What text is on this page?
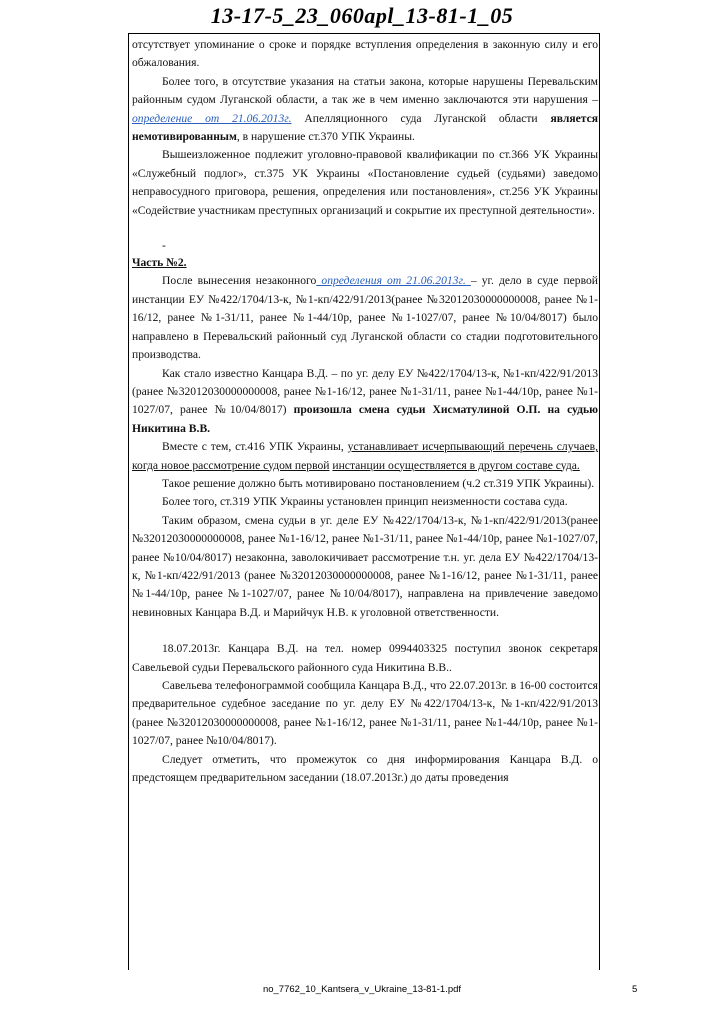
13-17-5_23_060apl_13-81-1_05

отсутствует упоминание о сроке и порядке вступления определения в законную силу и его обжалования.

Более того, в отсутствие указания на статьи закона, которые нарушены Перевальским районным судом Луганской области, а так же в чем именно заключаются эти нарушения –определение от 21.06.2013г. Апелляционного суда Луганской области является немотивированным, в нарушение ст.370 УПК Украины.

Вышеизложенное подлежит уголовно-правовой квалификации по ст.366 УК Украины «Служебный подлог», ст.375 УК Украины «Постановление судьей (судьями) заведомо неправосудного приговора, решения, определения или постановления», ст.256 УК Украины «Содействие участникам преступных организаций и сокрытие их преступной деятельности».

-

Часть №2.

После вынесения незаконного определения от 21.06.2013г. – уг. дело в суде первой инстанции ЕУ №422/1704/13-к, №1-кп/422/91/2013(ранее №32012030000000008, ранее №1-16/12, ранее №1-31/11, ранее №1-44/10р, ранее №1-1027/07, ранее №10/04/8017) было направлено в Перевальский районный суд Луганской области со стадии подготовительного производства.

Как стало известно Канцара В.Д. – по уг. делу ЕУ №422/1704/13-к, №1-кп/422/91/2013 (ранее №32012030000000008, ранее №1-16/12, ранее №1-31/11, ранее №1-44/10р, ранее №1-1027/07, ранее №10/04/8017) произошла смена судьи Хисматулиной О.П. на судью Никитина В.В.

Вместе с тем, ст.416 УПК Украины, устанавливает исчерпывающий перечень случаев, когда новое рассмотрение судом первой инстанции осуществляется в другом составе суда.

Такое решение должно быть мотивировано постановлением (ч.2 ст.319 УПК Украины).

Более того, ст.319 УПК Украины установлен принцип неизменности состава суда.

Таким образом, смена судьи в уг. деле ЕУ №422/1704/13-к, №1-кп/422/91/2013(ранее №32012030000000008, ранее №1-16/12, ранее №1-31/11, ранее №1-44/10р, ранее №1-1027/07, ранее №10/04/8017) незаконна, заволокичивает рассмотрение т.н. уг. дела ЕУ №422/1704/13-к, №1-кп/422/91/2013 (ранее №32012030000000008, ранее №1-16/12, ранее №1-31/11, ранее №1-44/10р, ранее №1-1027/07, ранее №10/04/8017), направлена на привлечение заведомо невиновных Канцара В.Д. и Марийчук Н.В. к уголовной ответственности.

18.07.2013г. Канцара В.Д. на тел. номер 0994403325 поступил звонок секретаря Савельевой судьи Перевальского районного суда Никитина В.В..

Савельева телефонограммой сообщила Канцара В.Д., что 22.07.2013г. в 16-00 состоится предварительное судебное заседание по уг. делу ЕУ №422/1704/13-к, №1-кп/422/91/2013 (ранее №32012030000000008, ранее №1-16/12, ранее №1-31/11, ранее №1-44/10р, ранее №1-1027/07, ранее №10/04/8017).

Следует отметить, что промежуток со дня информирования Канцара В.Д. о предстоящем предварительном заседании (18.07.2013г.) до даты проведения

no_7762_10_Kantsera_v_Ukraine_13-81-1.pdf	5
